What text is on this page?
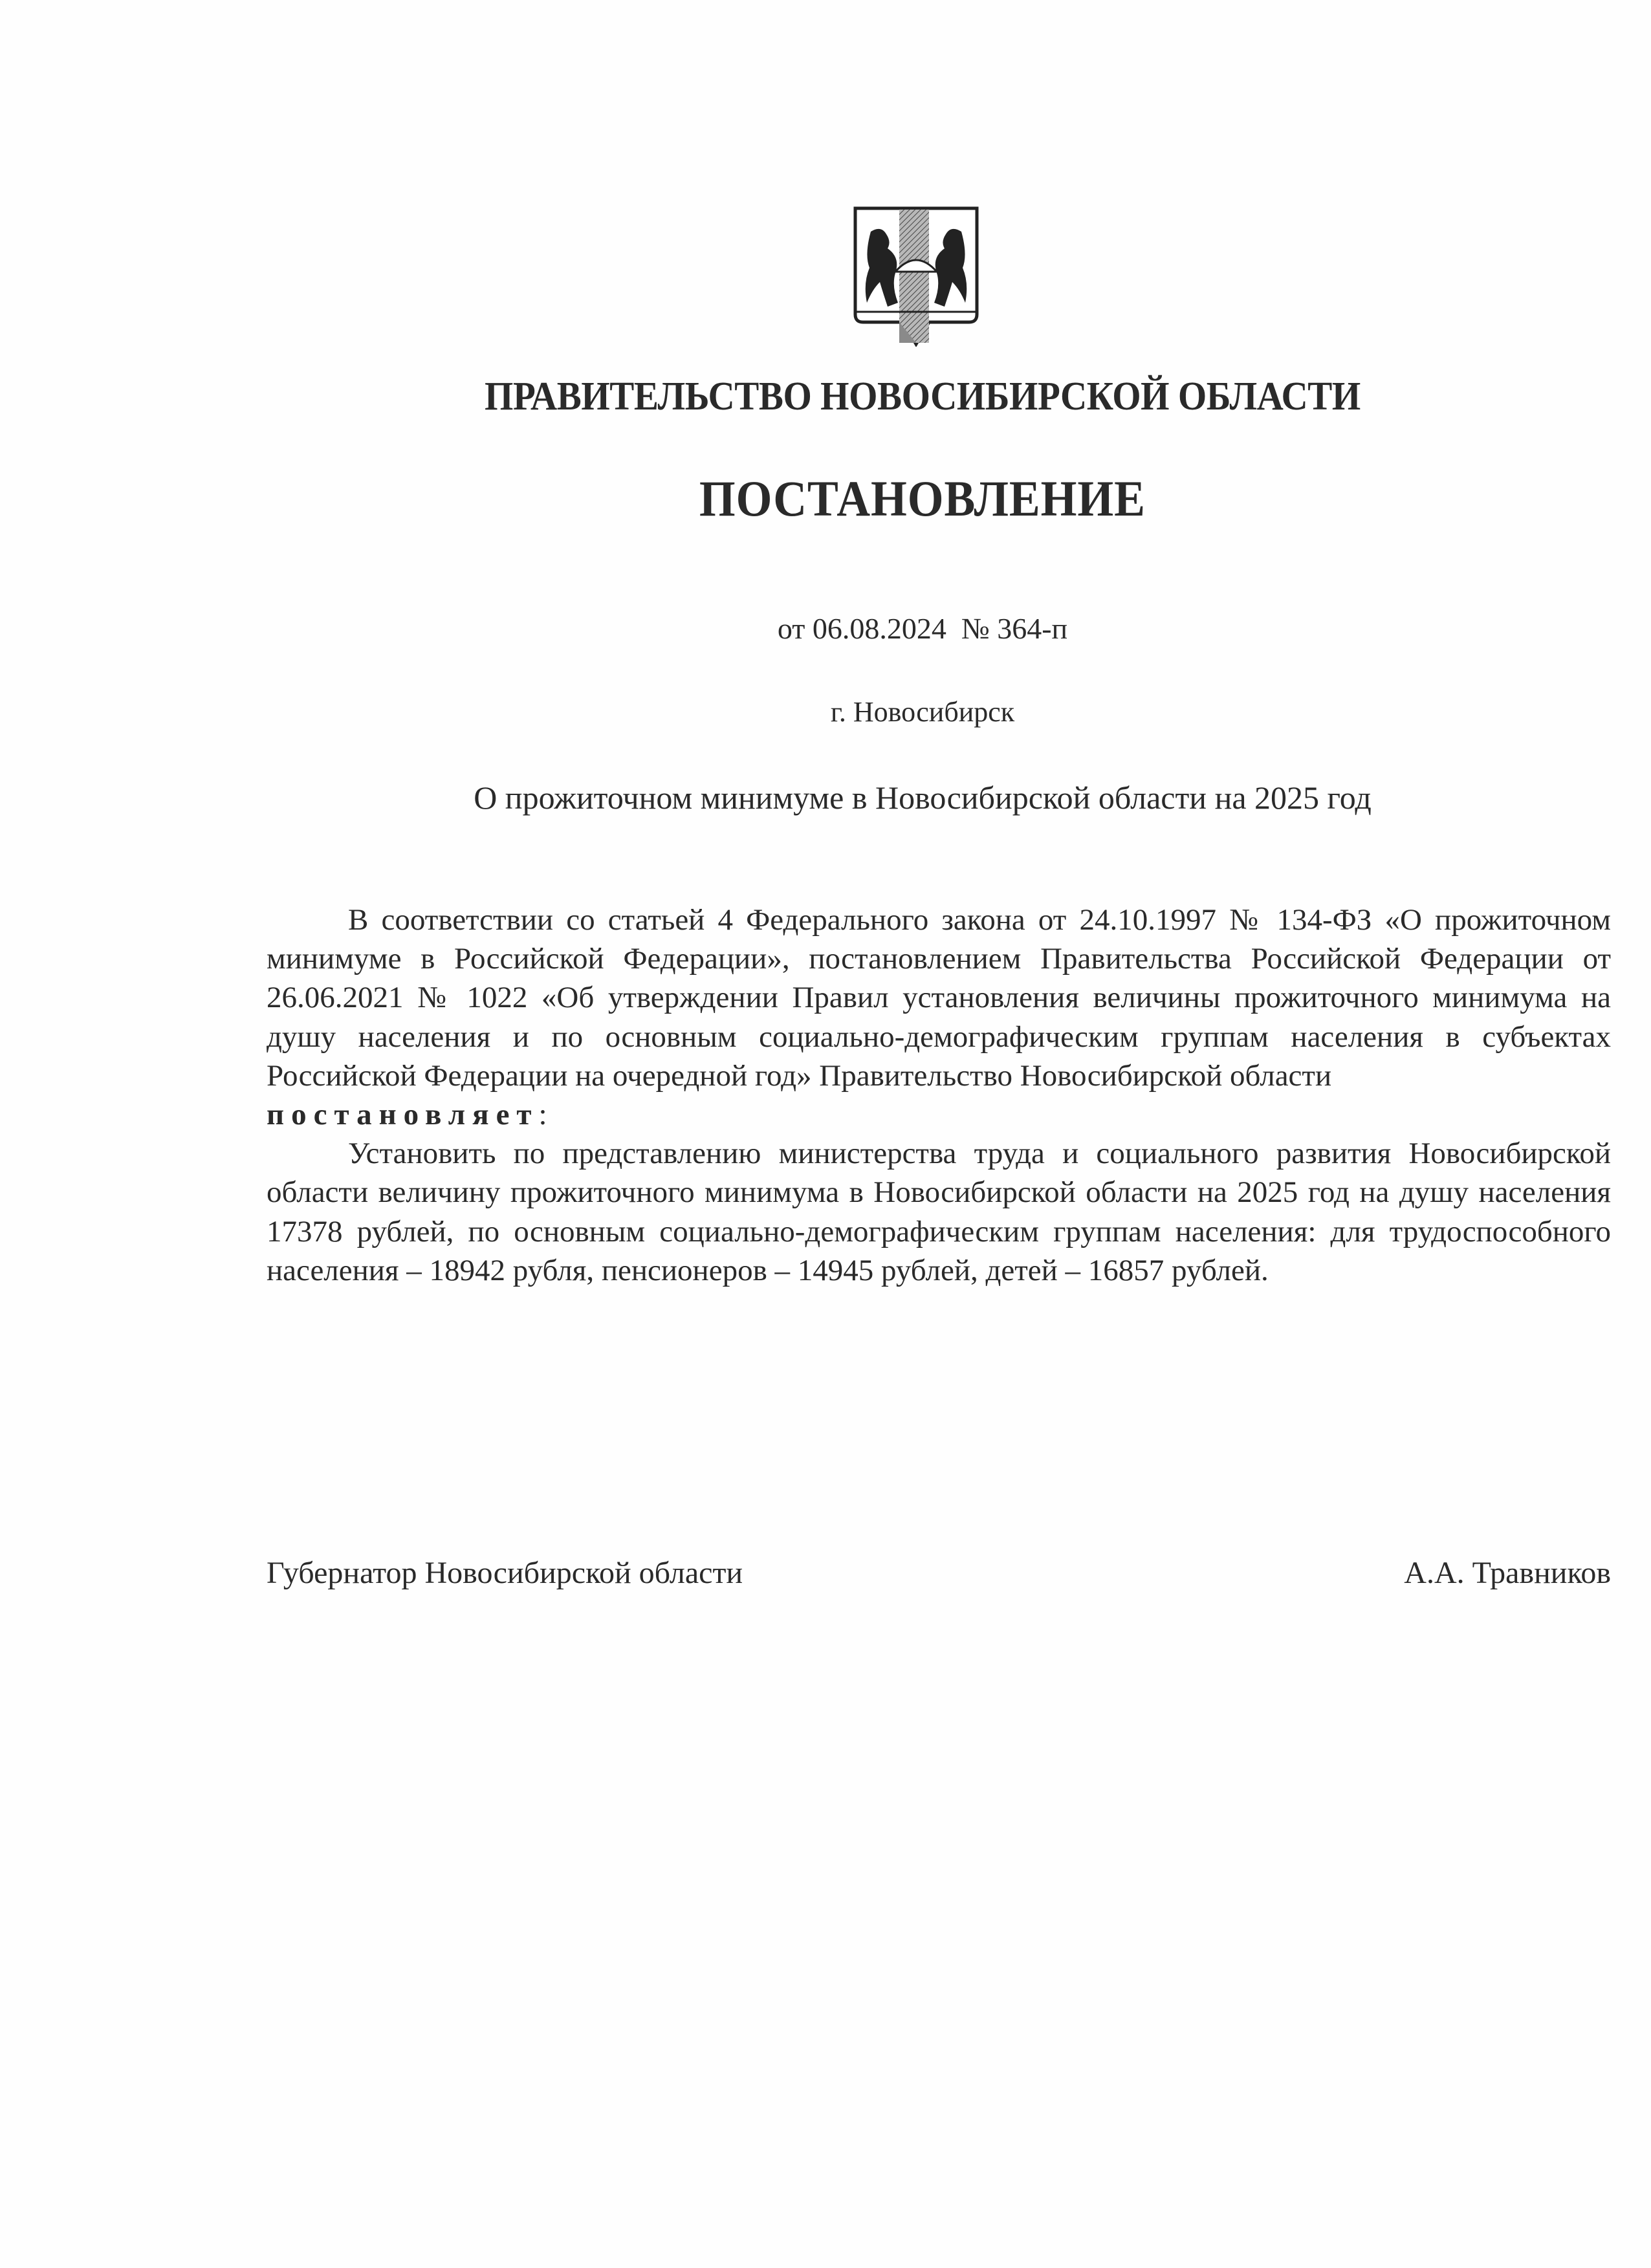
ПРАВИТЕЛЬСТВО НОВОСИБИРСКОЙ ОБЛАСТИ
ПОСТАНОВЛЕНИЕ
от 06.08.2024  № 364-п
г. Новосибирск
О прожиточном минимуме в Новосибирской области на 2025 год

В соответствии со статьей 4 Федерального закона от 24.10.1997 № 134-ФЗ «О прожиточном минимуме в Российской Федерации», постановлением Правительства Российской Федерации от 26.06.2021 № 1022 «Об утверждении Правил установления величины прожиточного минимума на душу населения и по основным социально-демографическим группам населения в субъектах Российской Федерации на очередной год» Правительство Новосибирской области

постановляет:

Установить по представлению министерства труда и социального развития Новосибирской области величину прожиточного минимума в Новосибирской области на 2025 год на душу населения 17378 рублей, по основным социально-демографическим группам населения: для трудоспособного населения – 18942 рубля, пенсионеров – 14945 рублей, детей – 16857 рублей.

Губернатор Новосибирской области	А.А. Травников
